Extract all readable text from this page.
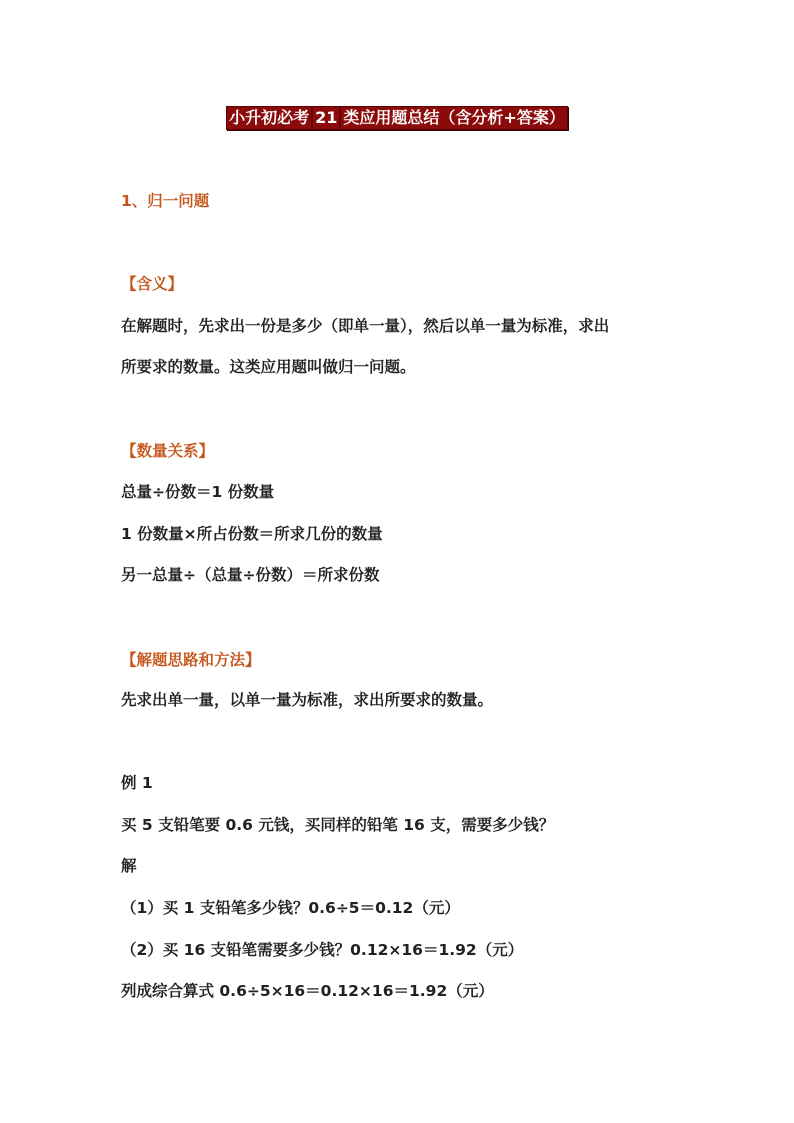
小升初必考 21 类应用题总结（含分析+答案）
1、归一问题
【含义】
在解题时，先求出一份是多少（即单一量），然后以单一量为标准，求出
所要求的数量。这类应用题叫做归一问题。
【数量关系】
总量÷份数＝1 份数量
1 份数量×所占份数＝所求几份的数量
另一总量÷（总量÷份数）＝所求份数
【解题思路和方法】
先求出单一量，以单一量为标准，求出所要求的数量。
例 1
买 5 支铅笔要 0.6 元钱，买同样的铅笔 16 支，需要多少钱？
解
（1）买 1 支铅笔多少钱？0.6÷5＝0.12（元）
（2）买 16 支铅笔需要多少钱？0.12×16＝1.92（元）
列成综合算式 0.6÷5×16＝0.12×16＝1.92（元）
